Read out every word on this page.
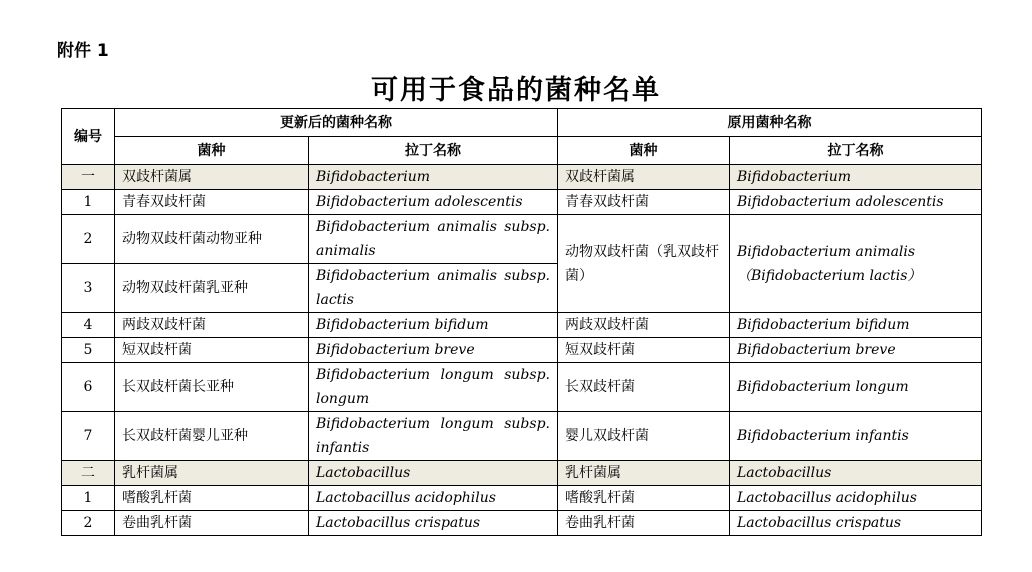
附件 1
可用于食品的菌种名单
编号	更新后的菌种名称		原用菌种名称	
	菌种	拉丁名称	菌种	拉丁名称
一	双歧杆菌属	Bifidobacterium	双歧杆菌属	Bifidobacterium
1	青春双歧杆菌	Bifidobacterium adolescentis	青春双歧杆菌	Bifidobacterium adolescentis
2	动物双歧杆菌动物亚种	Bifidobacterium animalis subsp. animalis	动物双歧杆菌（乳双歧杆菌）	Bifidobacterium animalis
（Bifidobacterium lactis）
3	动物双歧杆菌乳亚种	Bifidobacterium animalis subsp. lactis		
4	两歧双歧杆菌	Bifidobacterium bifidum	两歧双歧杆菌	Bifidobacterium bifidum
5	短双歧杆菌	Bifidobacterium breve	短双歧杆菌	Bifidobacterium breve
6	长双歧杆菌长亚种	Bifidobacterium longum subsp. longum	长双歧杆菌	Bifidobacterium longum
7	长双歧杆菌婴儿亚种	Bifidobacterium longum subsp. infantis	婴儿双歧杆菌	Bifidobacterium infantis
二	乳杆菌属	Lactobacillus	乳杆菌属	Lactobacillus
1	嗜酸乳杆菌	Lactobacillus acidophilus	嗜酸乳杆菌	Lactobacillus acidophilus
2	卷曲乳杆菌	Lactobacillus crispatus	卷曲乳杆菌	Lactobacillus crispatus
